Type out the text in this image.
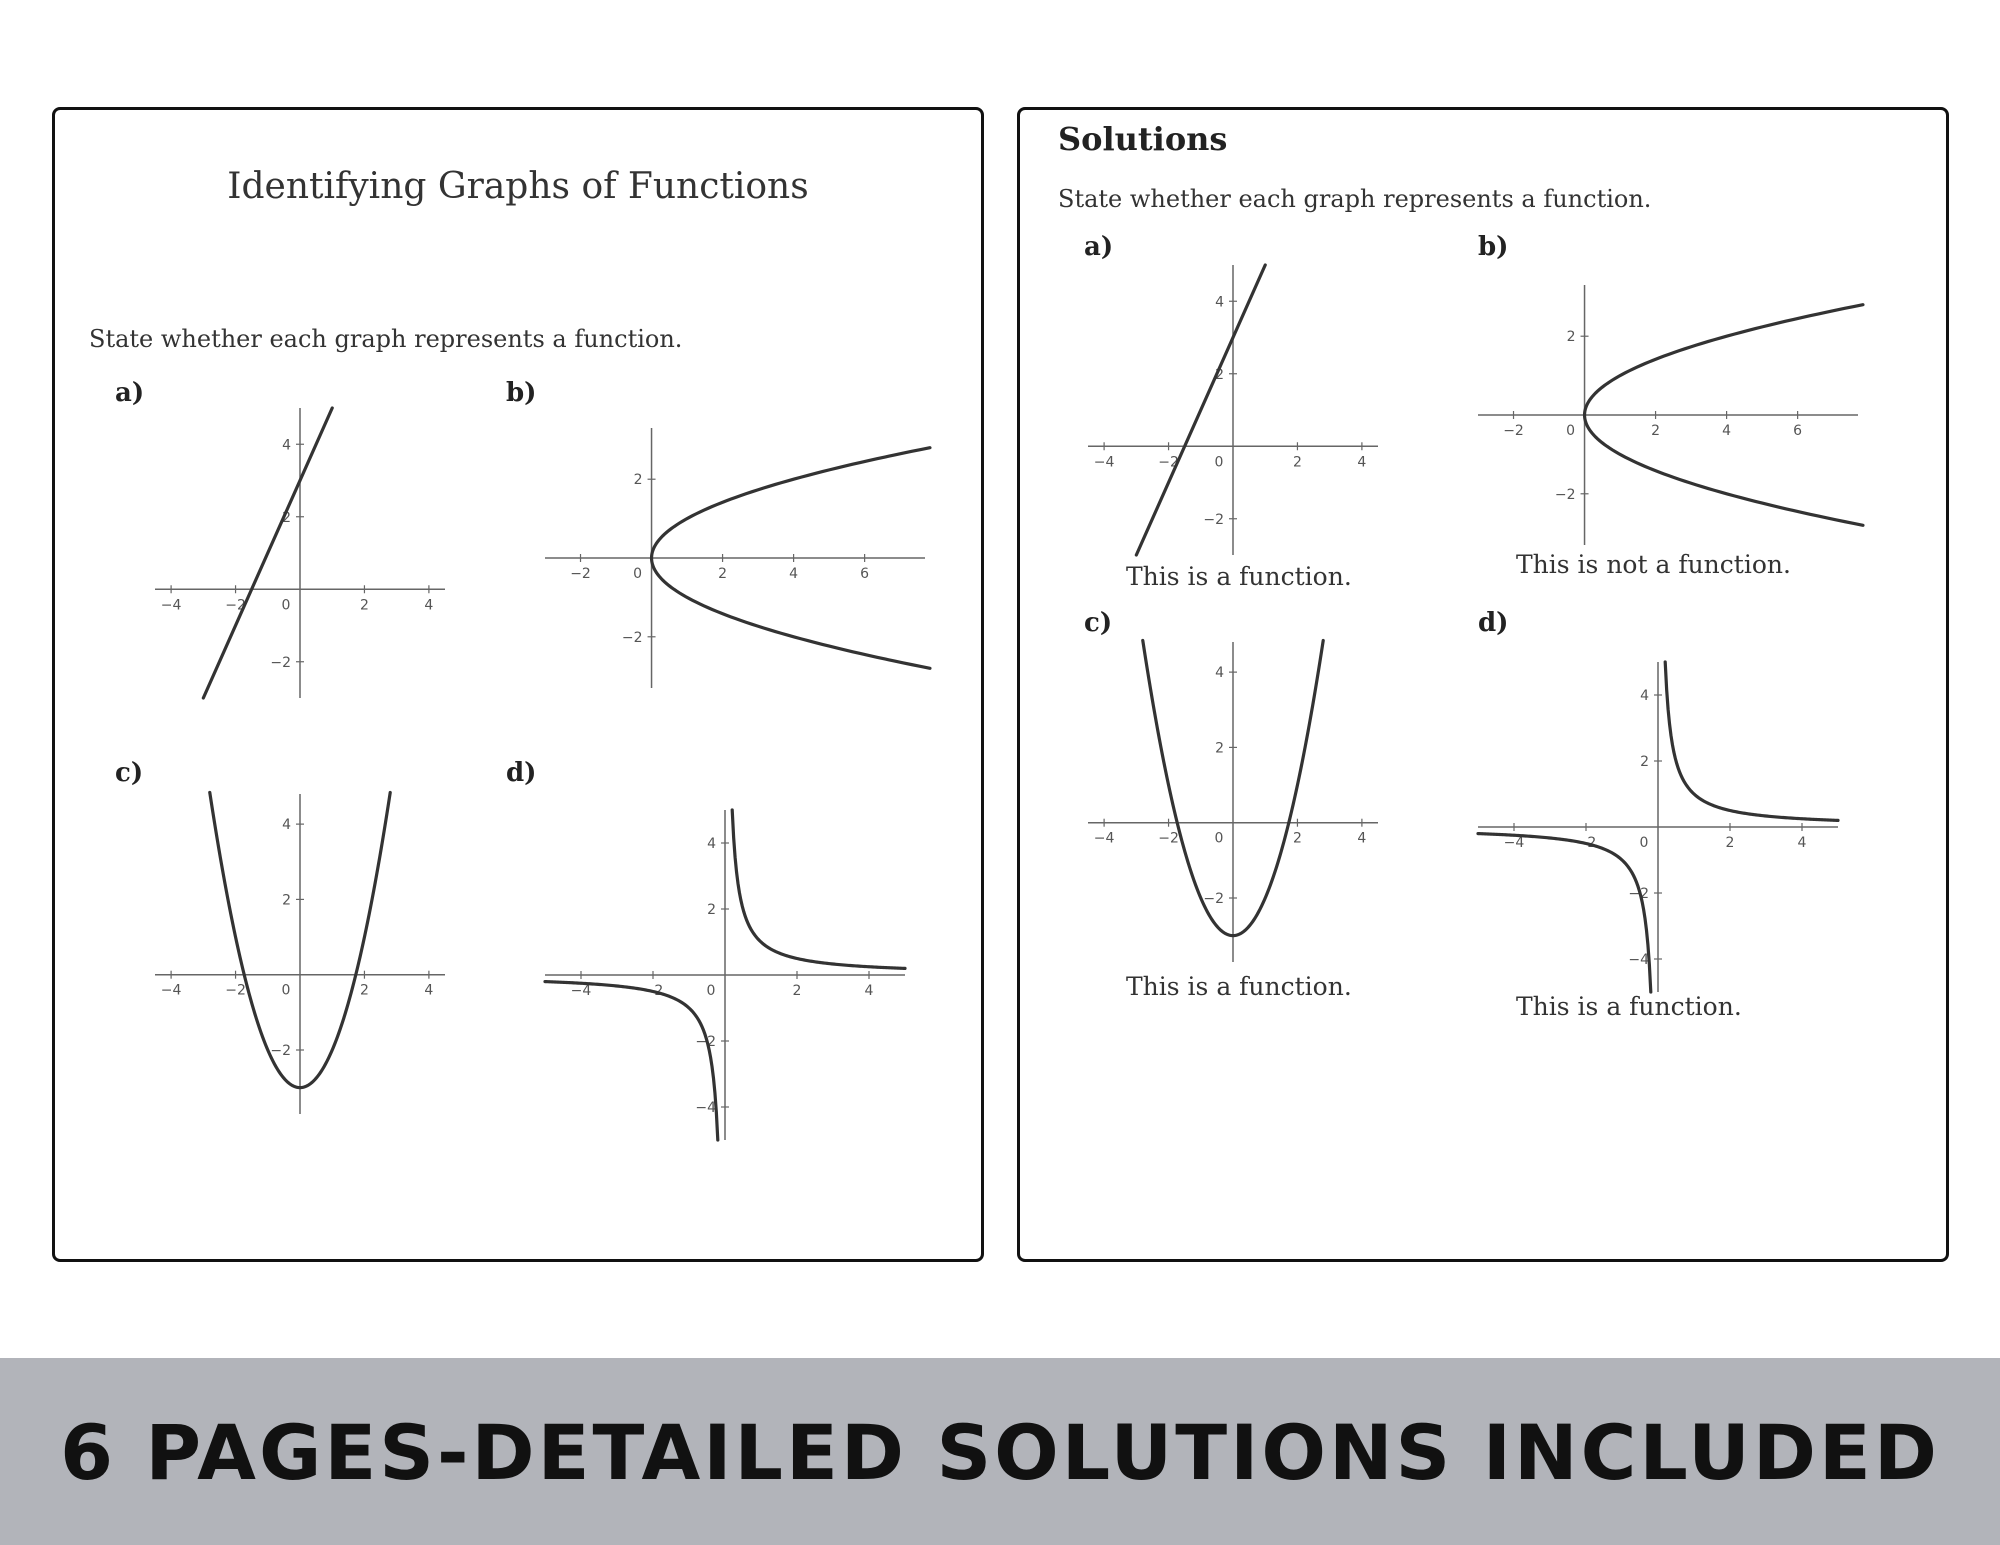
Identifying Graphs of Functions
State whether each graph represents a function.
a)	b)
c)	d)
−4	−2	0	2	4
−2
2
4
−2	0	2	4	6
−2
2
−4	−2	0	2	4
−2
2
4
−4	−2	0	2	4
−4
−2
2
4
Solutions
State whether each graph represents a function.
a)	b)
c)	d)
−4	−2	0	2	4
−2
2
4
−2	0	2	4	6
−2
2
−4	−2	0	2	4
−2
2
4
−4	−2	0	2	4
−4
−2
2
4
This is a function.	This is not a function.
This is a function.
This is a function.
6 PAGES-DETAILED SOLUTIONS INCLUDED
